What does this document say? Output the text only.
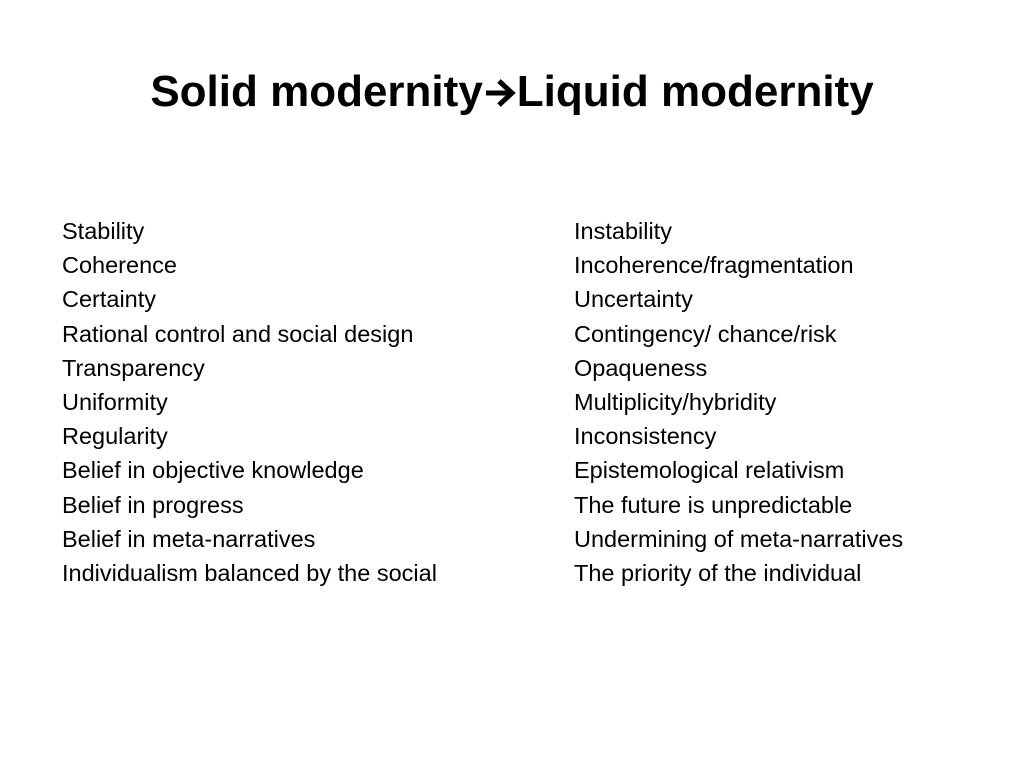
Solid modernity Liquid modernity
Stability
Coherence
Certainty
Rational control and social design
Transparency
Uniformity
Regularity
Belief in objective knowledge
Belief in progress
Belief in meta-narratives
Individualism balanced by the social
Instability
Incoherence/fragmentation
Uncertainty
Contingency/ chance/risk
Opaqueness
Multiplicity/hybridity
Inconsistency
Epistemological relativism
The future is unpredictable
Undermining of meta-narratives
The priority of the individual
